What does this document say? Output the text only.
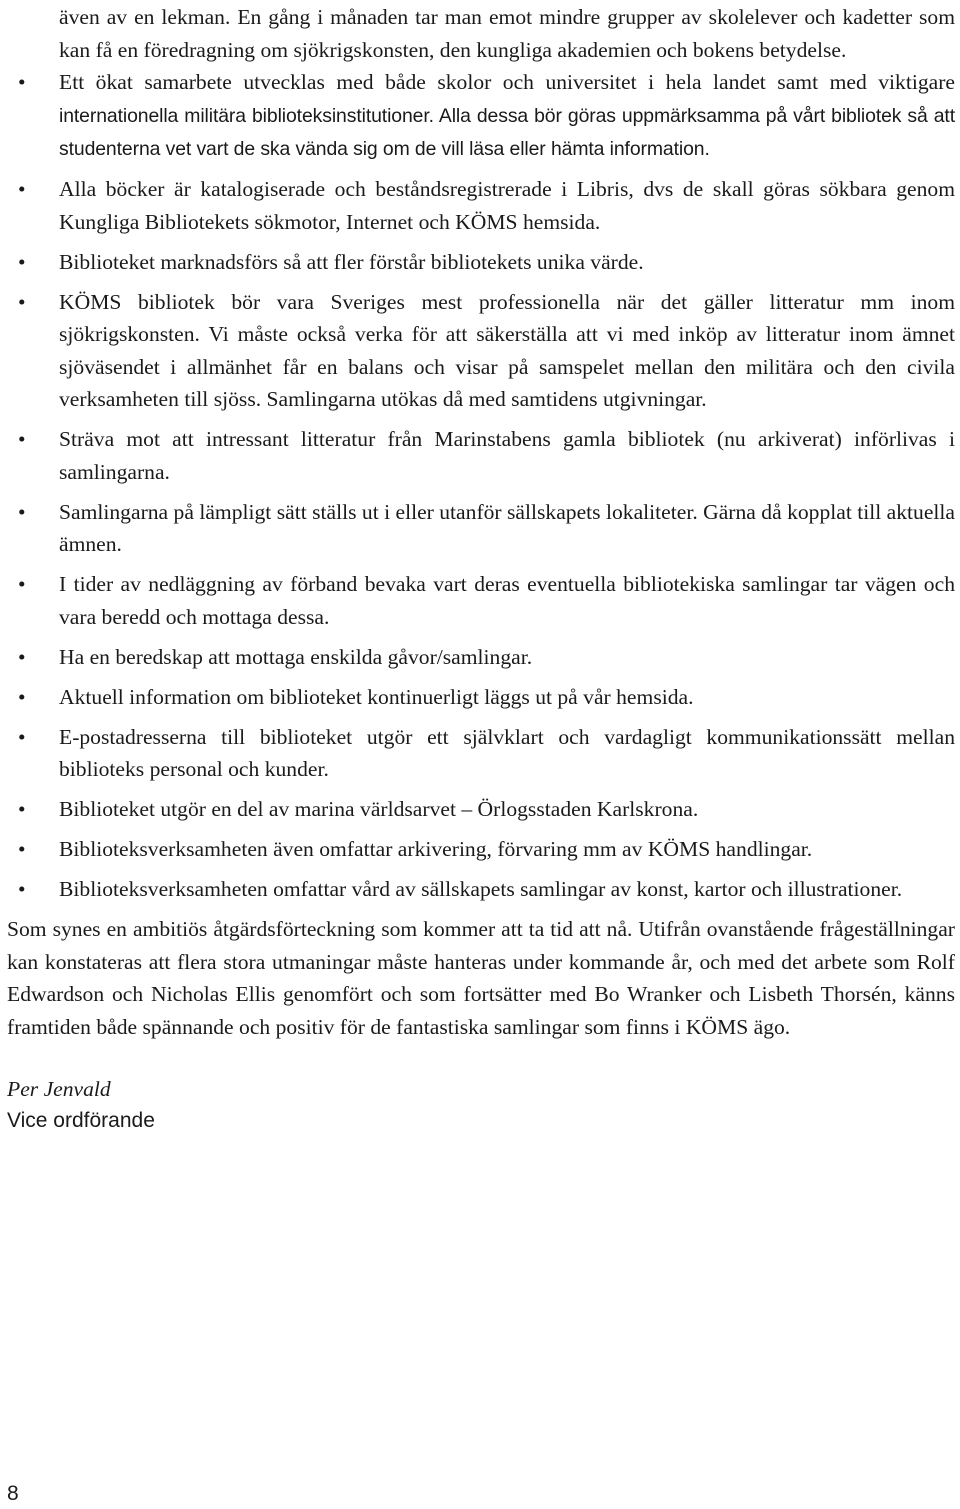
även av en lekman. En gång i månaden tar man emot mindre grupper av skolelever och kadetter som kan få en föredragning om sjökrigskonsten, den kungliga akademien och bokens betydelse.

• Ett ökat samarbete utvecklas med både skolor och universitet i hela landet samt med viktigare internationella militära biblioteksinstitutioner. Alla dessa bör göras uppmärksamma på vårt bibliotek så att studenterna vet vart de ska vända sig om de vill läsa eller hämta information.
• Alla böcker är katalogiserade och beståndsregistrerade i Libris, dvs de skall göras sökbara genom Kungliga Bibliotekets sökmotor, Internet och KÖMS hemsida.
• Biblioteket marknadsförs så att fler förstår bibliotekets unika värde.
• KÖMS bibliotek bör vara Sveriges mest professionella när det gäller litteratur mm inom sjökrigskonsten. Vi måste också verka för att säkerställa att vi med inköp av litteratur inom ämnet sjöväsendet i allmänhet får en balans och visar på samspelet mellan den militära och den civila verksamheten till sjöss. Samlingarna utökas då med samtidens utgivningar.
• Sträva mot att intressant litteratur från Marinstabens gamla bibliotek (nu arkiverat) införlivas i samlingarna.
• Samlingarna på lämpligt sätt ställs ut i eller utanför sällskapets lokaliteter. Gärna då kopplat till aktuella ämnen.
• I tider av nedläggning av förband bevaka vart deras eventuella bibliotekiska samlingar tar vägen och vara beredd och mottaga dessa.
• Ha en beredskap att mottaga enskilda gåvor/samlingar.
• Aktuell information om biblioteket kontinuerligt läggs ut på vår hemsida.
• E-postadresserna till biblioteket utgör ett självklart och vardagligt kommunikationssätt mellan biblioteks personal och kunder.
• Biblioteket utgör en del av marina världsarvet – Örlogsstaden Karlskrona.
• Biblioteksverksamheten även omfattar arkivering, förvaring mm av KÖMS handlingar.
• Biblioteksverksamheten omfattar vård av sällskapets samlingar av konst, kartor och illustrationer.

Som synes en ambitiös åtgärdsförteckning som kommer att ta tid att nå. Utifrån ovanstående frågeställningar kan konstateras att flera stora utmaningar måste hanteras under kommande år, och med det arbete som Rolf Edwardson och Nicholas Ellis genomfört och som fortsätter med Bo Wranker och Lisbeth Thorsén, känns framtiden både spännande och positiv för de fantastiska samlingar som finns i KÖMS ägo.

Per Jenvald
Vice ordförande
8
